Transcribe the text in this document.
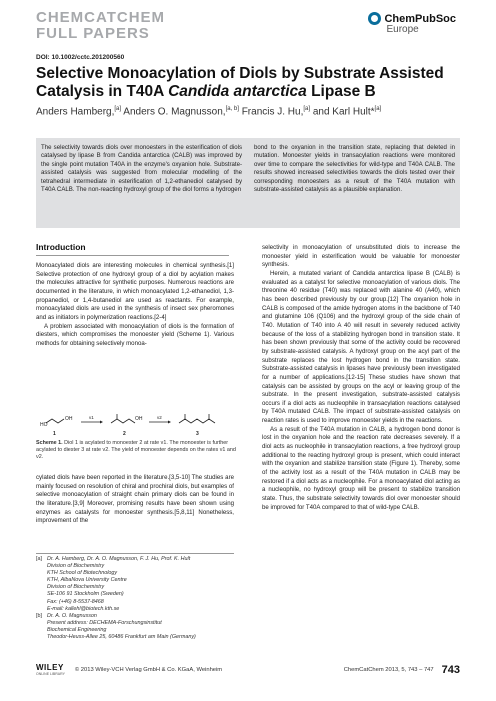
CHEMCATCHEM
FULL PAPERS
ChemPubSoc
Europe
DOI: 10.1002/cctc.201200560
Selective Monoacylation of Diols by Substrate Assisted Catalysis in T40A Candida antarctica Lipase B
Anders Hamberg,[a] Anders O. Magnusson,[a, b] Francis J. Hu,[a] and Karl Hult*[a]
The selectivity towards diols over monoesters in the esterification of diols catalysed by lipase B from Candida antarctica (CALB) was improved by the single point mutation T40A in the enzyme's oxyanion hole. Substrate-assisted catalysis was suggested from molecular modelling of the tetrahedral intermediate in esterification of 1,2-ethanediol catalysed by T40A CALB. The non-reacting hydroxyl group of the diol forms a hydrogen
bond to the oxyanion in the transition state, replacing that deleted in mutation. Monoester yields in transacylation reactions were monitored over time to compare the selectivities for wild-type and T40A CALB. The results showed increased selectivities towards the diols tested over their corresponding monoesters as a result of the T40A mutation with substrate-assisted catalysis as a plausible explanation.
Introduction

Monoacylated diols are interesting molecules in chemical synthesis.[1] Selective protection of one hydroxyl group of a diol by acylation makes the molecules attractive for synthetic purposes. Numerous reactions are documented in the literature, in which monoacylated 1,2-ethanediol, 1,3-propanediol, or 1,4-butanediol are used as reactants. For example, monoacylated diols are used in the synthesis of insect sex pheromones and as initiators in polymerization reactions.[2-4]

A problem associated with monoacylation of diols is the formation of diesters, which compromises the monoester yield (Scheme 1). Various methods for obtaining selectively monoa-

HO
OH
1
ν1	OH
2
ν2
3
Scheme 1. Diol 1 is acylated to monoester 2 at rate ν1. The monoester is further acylated to diester 3 at rate ν2. The yield of monoester depends on the rates ν1 and ν2.

cylated diols have been reported in the literature.[3,5-10] The studies are mainly focused on resolution of chiral and prochiral diols, but examples of selective monoacylation of straight chain primary diols can be found in the literature.[3,9] Moreover, promising results have been shown using enzymes as catalysts for monoester synthesis.[5,8,11] Nonetheless, improvement of the

[a] Dr. A. Hamberg, Dr. A. O. Magnusson, F. J. Hu, Prof. K. Hult
Division of Biochemistry
KTH School of Biotechnology
KTH, AlbaNova University Centre
Division of Biochemistry
SE-106 91 Stockholm (Sweden)
Fax: (+46) 8-5537-8468
E-mail: kallehl@biotech.kth.se
[b] Dr. A. O. Magnusson
Present address: DECHEMA-Forschungsinstitut
Biochemical Engineering
Theodor-Heuss-Allee 25, 60486 Frankfurt am Main (Germany)

selectivity in monoacylation of unsubstituted diols to increase the monoester yield in esterification would be valuable for monoester synthesis.

Herein, a mutated variant of Candida antarctica lipase B (CALB) is evaluated as a catalyst for selective monoacylation of various diols. The threonine 40 residue (T40) was replaced with alanine 40 (A40), which has been described previously by our group.[12] The oxyanion hole in CALB is composed of the amide hydrogen atoms in the backbone of T40 and glutamine 106 (Q106) and the hydroxyl group of the side chain of T40. Mutation of T40 into A 40 will result in severely reduced activity because of the loss of a stabilizing hydrogen bond in transition state. It has been shown previously that some of the activity could be recovered by substrate-assisted catalysis. A hydroxyl group on the acyl part of the substrate replaces the lost hydrogen bond in the transition state. Substrate-assisted catalysis in lipases have previously been investigated for a number of applications.[12-15] These studies have shown that catalysis can be assisted by groups on the acyl or leaving group of the substrate. In the present investigation, substrate-assisted catalysis occurs if a diol acts as nucleophile in transacylation reactions catalysed by T40A mutated CALB. The impact of substrate-assisted catalysis on reaction rates is used to improve monoester yields in the reactions.

As a result of the T40A mutation in CALB, a hydrogen bond donor is lost in the oxyanion hole and the reaction rate decreases severely. If a diol acts as nucleophile in transacylation reactions, a free hydroxyl group additional to the reacting hydroxyl group is present, which could interact with the oxyanion and stabilize transition state (Figure 1). Thereby, some of the activity lost as a result of the T40A mutation in CALB may be restored if a diol acts as a nucleophile. For a monoacylated diol acting as a nucleophile, no hydroxyl group will be present to stabilize transition state. Thus, the substrate selectivity towards diol over monoester should be improved for T40A compared to that of wild-type CALB.

WILEY
ONLINE LIBRARY
© 2013 Wiley-VCH Verlag GmbH & Co. KGaA, Weinheim	ChemCatChem 2013, 5, 743 – 747 743
